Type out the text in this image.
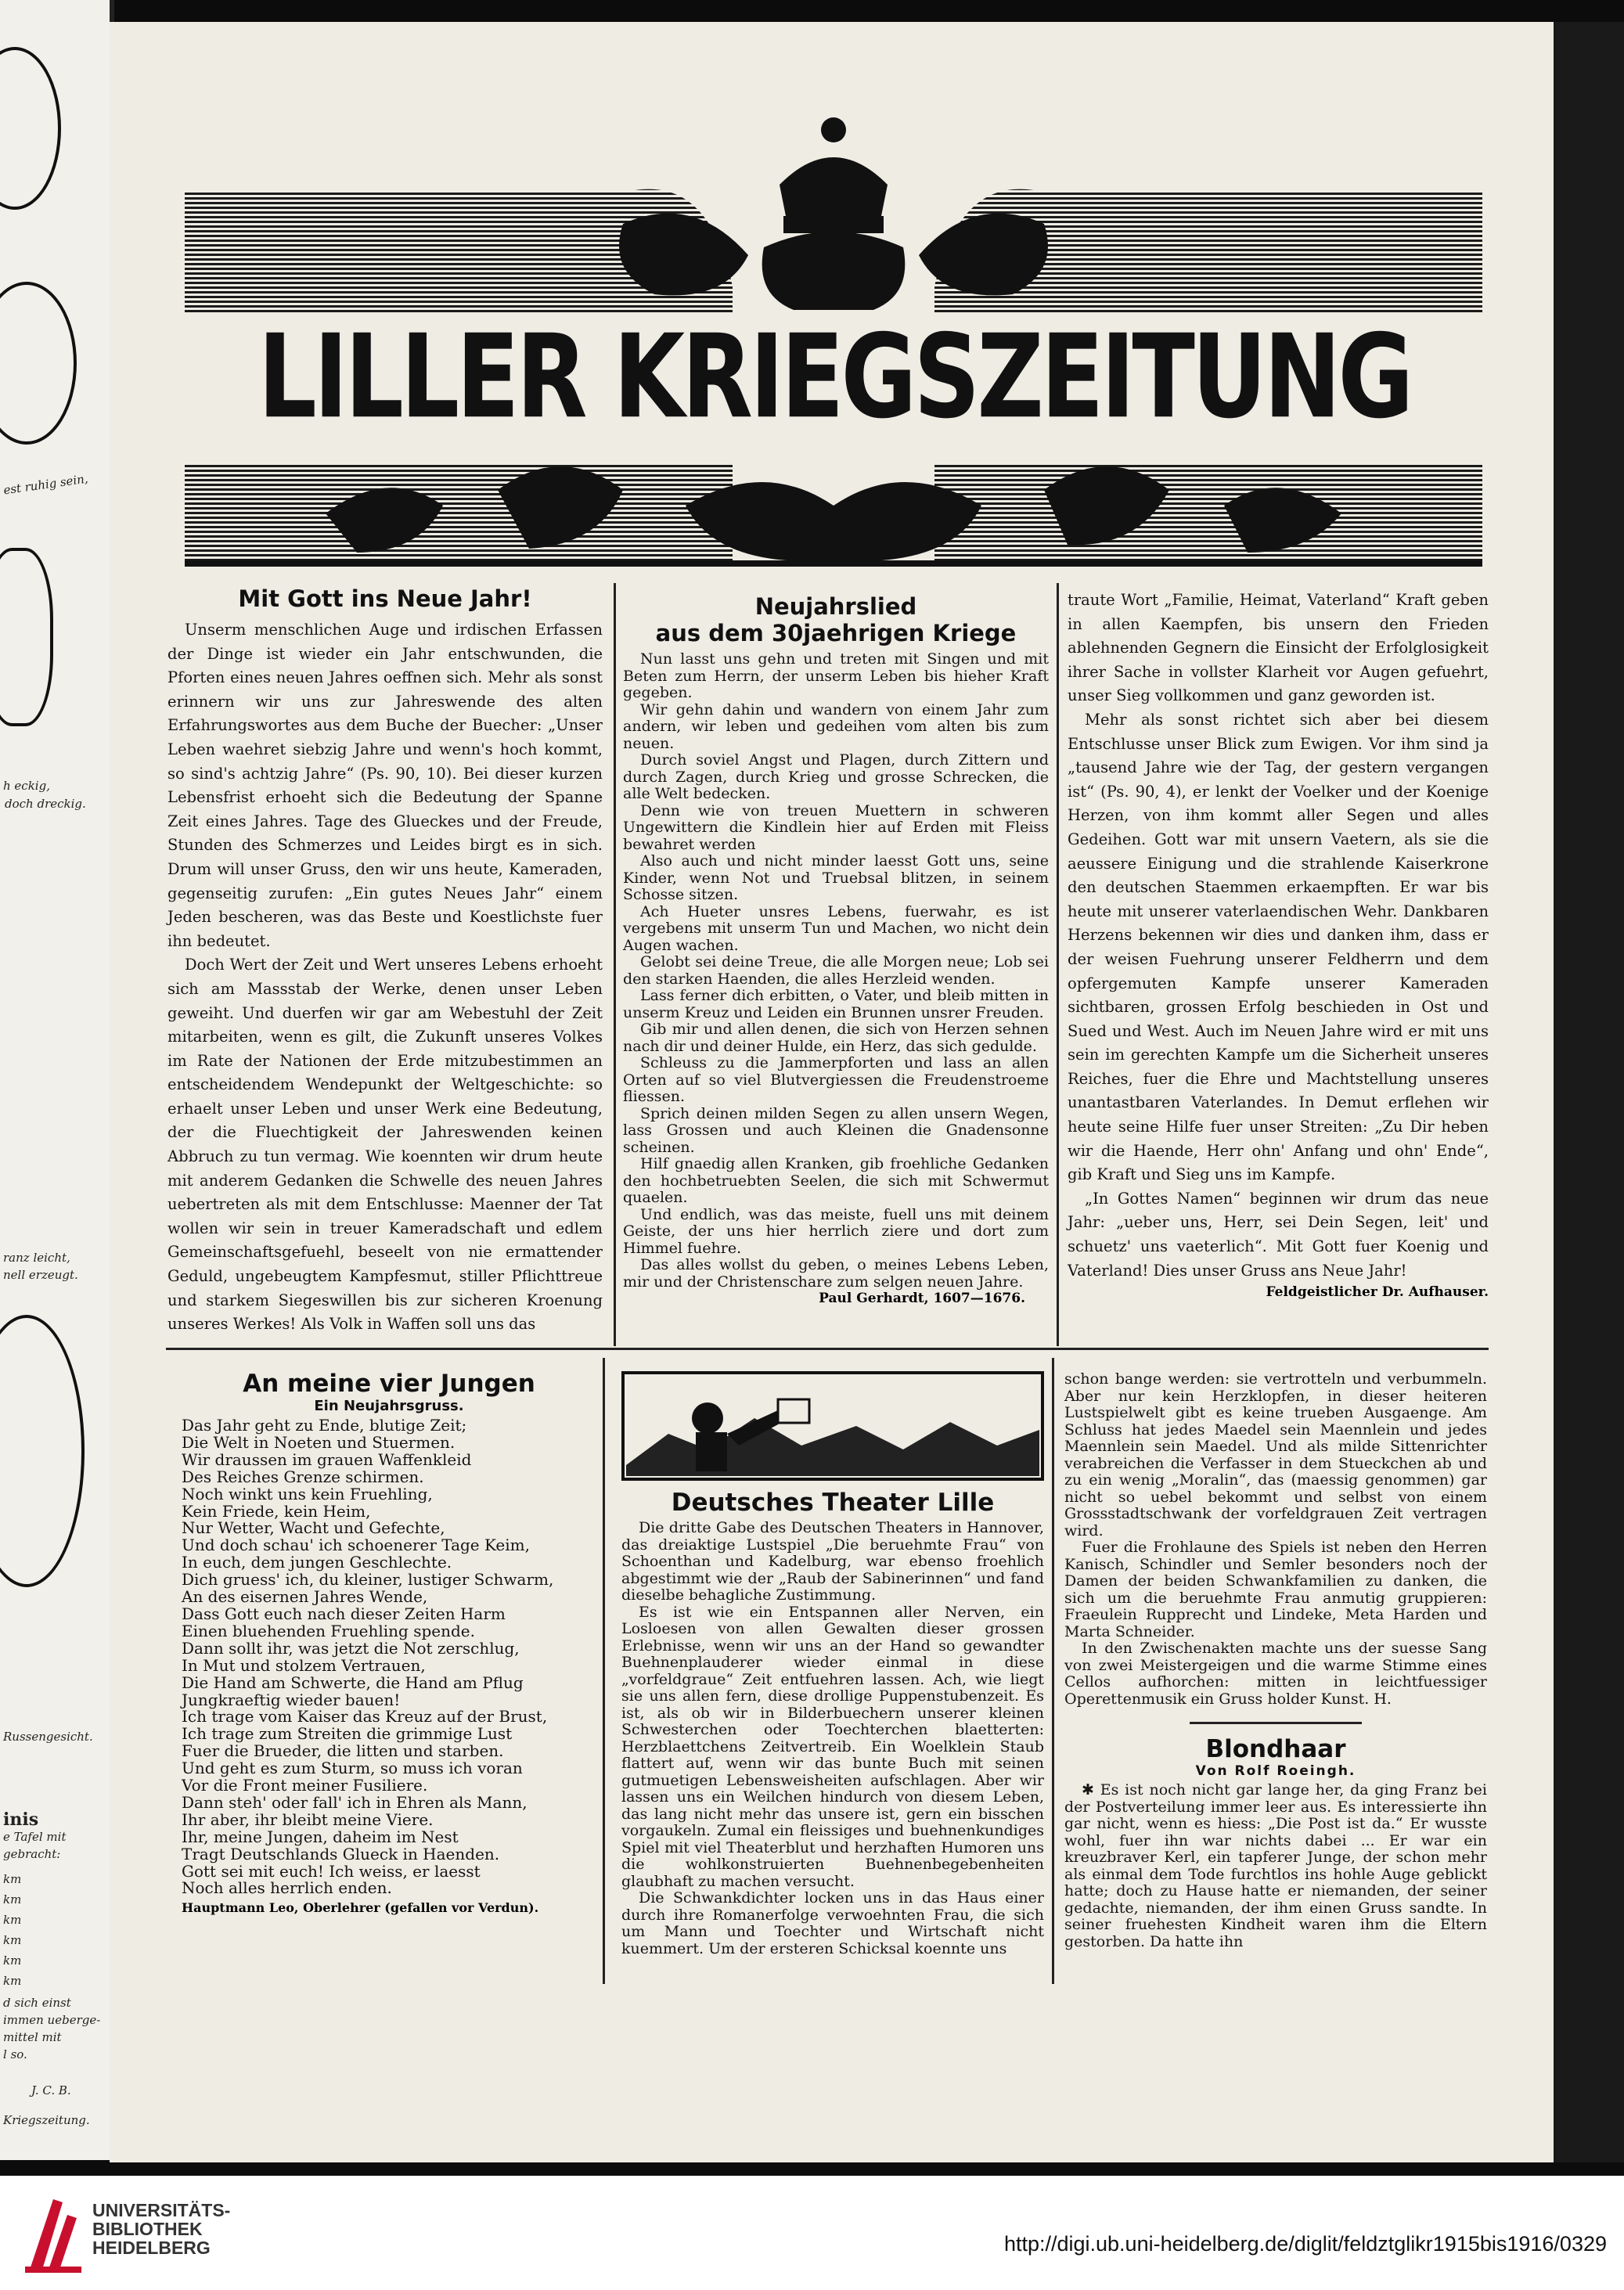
est ruhig sein,
h eckig,
doch dreckig.
ranz leicht,
nell erzeugt.
Russengesicht.
inis
e Tafel mit
gebracht:
km
km
km
km
km
km
d sich einst
immen ueberge-
mittel mit
l so.
J. C. B.
Kriegszeitung.
LILLER KRIEGSZEITUNG
Mit Gott ins Neue Jahr!

Unserm menschlichen Auge und irdischen Erfassen der Dinge ist wieder ein Jahr entschwunden, die Pforten eines neuen Jahres oeffnen sich. Mehr als sonst erinnern wir uns zur Jahreswende des alten Erfahrungswortes aus dem Buche der Buecher: „Unser Leben waehret siebzig Jahre und wenn's hoch kommt, so sind's achtzig Jahre“ (Ps. 90, 10). Bei dieser kurzen Lebensfrist erhoeht sich die Bedeutung der Spanne Zeit eines Jahres. Tage des Glueckes und der Freude, Stunden des Schmerzes und Leides birgt es in sich. Drum will unser Gruss, den wir uns heute, Kameraden, gegenseitig zurufen: „Ein gutes Neues Jahr“ einem Jeden bescheren, was das Beste und Koestlichste fuer ihn bedeutet.

Doch Wert der Zeit und Wert unseres Lebens erhoeht sich am Massstab der Werke, denen unser Leben geweiht. Und duerfen wir gar am Webestuhl der Zeit mitarbeiten, wenn es gilt, die Zukunft unseres Volkes im Rate der Nationen der Erde mitzubestimmen an entscheidendem Wendepunkt der Weltgeschichte: so erhaelt unser Leben und unser Werk eine Bedeutung, der die Fluechtigkeit der Jahreswenden keinen Abbruch zu tun vermag. Wie koennten wir drum heute mit anderem Gedanken die Schwelle des neuen Jahres uebertreten als mit dem Entschlusse: Maenner der Tat wollen wir sein in treuer Kameradschaft und edlem Gemeinschaftsgefuehl, beseelt von nie ermattender Geduld, ungebeugtem Kampfesmut, stiller Pflichttreue und starkem Siegeswillen bis zur sicheren Kroenung unseres Werkes! Als Volk in Waffen soll uns das

Neujahrslied
aus dem 30jaehrigen Kriege

Nun lasst uns gehn und treten mit Singen und mit Beten zum Herrn, der unserm Leben bis hieher Kraft gegeben.

Wir gehn dahin und wandern von einem Jahr zum andern, wir leben und gedeihen vom alten bis zum neuen.

Durch soviel Angst und Plagen, durch Zittern und durch Zagen, durch Krieg und grosse Schrecken, die alle Welt bedecken.

Denn wie von treuen Muettern in schweren Ungewittern die Kindlein hier auf Erden mit Fleiss bewahret werden

Also auch und nicht minder laesst Gott uns, seine Kinder, wenn Not und Truebsal blitzen, in seinem Schosse sitzen.

Ach Hueter unsres Lebens, fuerwahr, es ist vergebens mit unserm Tun und Machen, wo nicht dein Augen wachen.

Gelobt sei deine Treue, die alle Morgen neue; Lob sei den starken Haenden, die alles Herzleid wenden.

Lass ferner dich erbitten, o Vater, und bleib mitten in unserm Kreuz und Leiden ein Brunnen unsrer Freuden.

Gib mir und allen denen, die sich von Herzen sehnen nach dir und deiner Hulde, ein Herz, das sich geduldе.

Schleuss zu die Jammerpforten und lass an allen Orten auf so viel Blutvergiessen die Freudenstroeme fliessen.

Sprich deinen milden Segen zu allen unsern Wegen, lass Grossen und auch Kleinen die Gnadensonne scheinen.

Hilf gnaedig allen Kranken, gib froehliche Gedanken den hochbetruebten Seelen, die sich mit Schwermut quaelen.

Und endlich, was das meiste, fuell uns mit deinem Geiste, der uns hier herrlich ziere und dort zum Himmel fuehre.

Das alles wollst du geben, o meines Lebens Leben, mir und der Christenschare zum selgen neuen Jahre.

Paul Gerhardt, 1607—1676.

traute Wort „Familie, Heimat, Vaterland“ Kraft geben in allen Kaempfen, bis unsern den Frieden ablehnenden Gegnern die Einsicht der Erfolglosigkeit ihrer Sache in vollster Klarheit vor Augen gefuehrt, unser Sieg vollkommen und ganz geworden ist.

Mehr als sonst richtet sich aber bei diesem Entschlusse unser Blick zum Ewigen. Vor ihm sind ja „tausend Jahre wie der Tag, der gestern vergangen ist“ (Ps. 90, 4), er lenkt der Voelker und der Koenige Herzen, von ihm kommt aller Segen und alles Gedeihen. Gott war mit unsern Vaetern, als sie die aeussere Einigung und die strahlende Kaiserkrone den deutschen Staemmen erkaempften. Er war bis heute mit unserer vaterlaendischen Wehr. Dankbaren Herzens bekennen wir dies und danken ihm, dass er der weisen Fuehrung unserer Feldherrn und dem opfergemuten Kampfe unserer Kameraden sichtbaren, grossen Erfolg beschieden in Ost und Sued und West. Auch im Neuen Jahre wird er mit uns sein im gerechten Kampfe um die Sicherheit unseres Reiches, fuer die Ehre und Machtstellung unseres unantastbaren Vaterlandes. In Demut erflehen wir heute seine Hilfe fuer unser Streiten: „Zu Dir heben wir die Haende, Herr ohn' Anfang und ohn' Ende“, gib Kraft und Sieg uns im Kampfe.

„In Gottes Namen“ beginnen wir drum das neue Jahr: „ueber uns, Herr, sei Dein Segen, leit' und schuetz' uns vaeterlich“. Mit Gott fuer Koenig und Vaterland! Dies unser Gruss ans Neue Jahr!

Feldgeistlicher Dr. Aufhauser.
An meine vier Jungen
Ein Neujahrsgruss.
Das Jahr geht zu Ende, blutige Zeit;
Die Welt in Noeten und Stuermen.
Wir draussen im grauen Waffenkleid
Des Reiches Grenze schirmen.
Noch winkt uns kein Fruehling,
Kein Friede, kein Heim,
Nur Wetter, Wacht und Gefechte,
Und doch schau' ich schoenerer Tage Keim,
In euch, dem jungen Geschlechte.
Dich gruess' ich, du kleiner, lustiger Schwarm,
An des eisernen Jahres Wende,
Dass Gott euch nach dieser Zeiten Harm
Einen bluehenden Fruehling spende.
Dann sollt ihr, was jetzt die Not zerschlug,
In Mut und stolzem Vertrauen,
Die Hand am Schwerte, die Hand am Pflug
Jungkraeftig wieder bauen!
Ich trage vom Kaiser das Kreuz auf der Brust,
Ich trage zum Streiten die grimmige Lust
Fuer die Brueder, die litten und starben.
Und geht es zum Sturm, so muss ich voran
Vor die Front meiner Fusiliere.
Dann steh' oder fall' ich in Ehren als Mann,
Ihr aber, ihr bleibt meine Viere.
Ihr, meine Jungen, daheim im Nest
Tragt Deutschlands Glueck in Haenden.
Gott sei mit euch! Ich weiss, er laesst
Noch alles herrlich enden.
Hauptmann Leo, Oberlehrer (gefallen vor Verdun).
Deutsches Theater Lille

Die dritte Gabe des Deutschen Theaters in Hannover, das dreiaktige Lustspiel „Die beruehmte Frau“ von Schoenthan und Kadelburg, war ebenso froehlich abgestimmt wie der „Raub der Sabinerinnen“ und fand dieselbe behagliche Zustimmung.

Es ist wie ein Entspannen aller Nerven, ein Losloesen von allen Gewalten dieser grossen Erlebnisse, wenn wir uns an der Hand so gewandter Buehnenplauderer wieder einmal in diese „vorfeldgraue“ Zeit entfuehren lassen. Ach, wie liegt sie uns allen fern, diese drollige Puppenstubenzeit. Es ist, als ob wir in Bilderbuechern unserer kleinen Schwesterchen oder Toechterchen blaetterten: Herzblaettchens Zeitvertreib. Ein Woelklein Staub flattert auf, wenn wir das bunte Buch mit seinen gutmuetigen Lebensweisheiten aufschlagen. Aber wir lassen uns ein Weilchen hindurch von diesem Leben, das lang nicht mehr das unsere ist, gern ein bisschen vorgaukeln. Zumal ein fleissiges und buehnenkundiges Spiel mit viel Theaterblut und herzhaften Humoren uns die wohlkonstruierten Buehnenbegebenheiten glaubhaft zu machen versucht.

Die Schwankdichter locken uns in das Haus einer durch ihre Romanerfolge verwoehnten Frau, die sich um Mann und Toechter und Wirtschaft nicht kuemmert. Um der ersteren Schicksal koennte uns

schon bange werden: sie vertrotteln und verbummeln. Aber nur kein Herzklopfen, in dieser heiteren Lustspielwelt gibt es keine trueben Ausgaenge. Am Schluss hat jedes Maedel sein Maennlein und jedes Maennlein sein Maedel. Und als milde Sittenrichter verabreichen die Verfasser in dem Stueckchen ab und zu ein wenig „Moralin“, das (maessig genommen) gar nicht so uebel bekommt und selbst von einem Grossstadtschwank der vorfeldgrauen Zeit vertragen wird.

Fuer die Frohlaune des Spiels ist neben den Herren Kanisch, Schindler und Semler besonders noch der Damen der beiden Schwankfamilien zu danken, die sich um die beruehmte Frau anmutig gruppieren: Fraeulein Rupprecht und Lindeke, Meta Harden und Marta Schneider.

In den Zwischenakten machte uns der suesse Sang von zwei Meistergeigen und die warme Stimme eines Cellos aufhorchen: mitten in leichtfuessiger Operettenmusik ein Gruss holder Kunst. H.

Blondhaar
Von Rolf Roeingh.

✱ Es ist noch nicht gar lange her, da ging Franz bei der Postverteilung immer leer aus. Es interessierte ihn gar nicht, wenn es hiess: „Die Post ist da.“ Er wusste wohl, fuer ihn war nichts dabei ... Er war ein kreuzbraver Kerl, ein tapferer Junge, der schon mehr als einmal dem Tode furchtlos ins hohle Auge geblickt hatte; doch zu Hause hatte er niemanden, der seiner gedachte, niemanden, der ihm einen Gruss sandte. In seiner fruehesten Kindheit waren ihm die Eltern gestorben. Da hatte ihn

UNIVERSITÄTS-
BIBLIOTHEK
HEIDELBERG	http://digi.ub.uni-heidelberg.de/diglit/feldztglikr1915bis1916/0329
